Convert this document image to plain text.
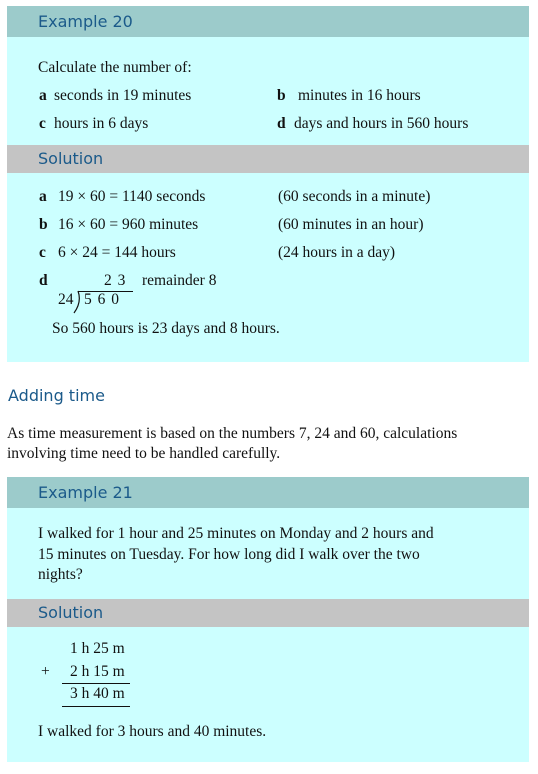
Example 20
Calculate the number of:
a seconds in 19 minutes	b minutes in 16 hours
c hours in 6 days	d days and hours in 560 hours
Solution
a 19 × 60 = 1140 seconds	(60 seconds in a minute)
b 16 × 60 = 960 minutes	(60 minutes in an hour)
c 6 × 24 = 144 hours	(24 hours in a day)
d	2 3 remainder 8
24 5 6 0
So 560 hours is 23 days and 8 hours.
Adding time
As time measurement is based on the numbers 7, 24 and 60, calculations
involving time need to be handled carefully.
Example 21
I walked for 1 hour and 25 minutes on Monday and 2 hours and
15 minutes on Tuesday. For how long did I walk over the two
nights?
Solution
1 h 25 m
+ 2 h 15 m
3 h 40 m
I walked for 3 hours and 40 minutes.
